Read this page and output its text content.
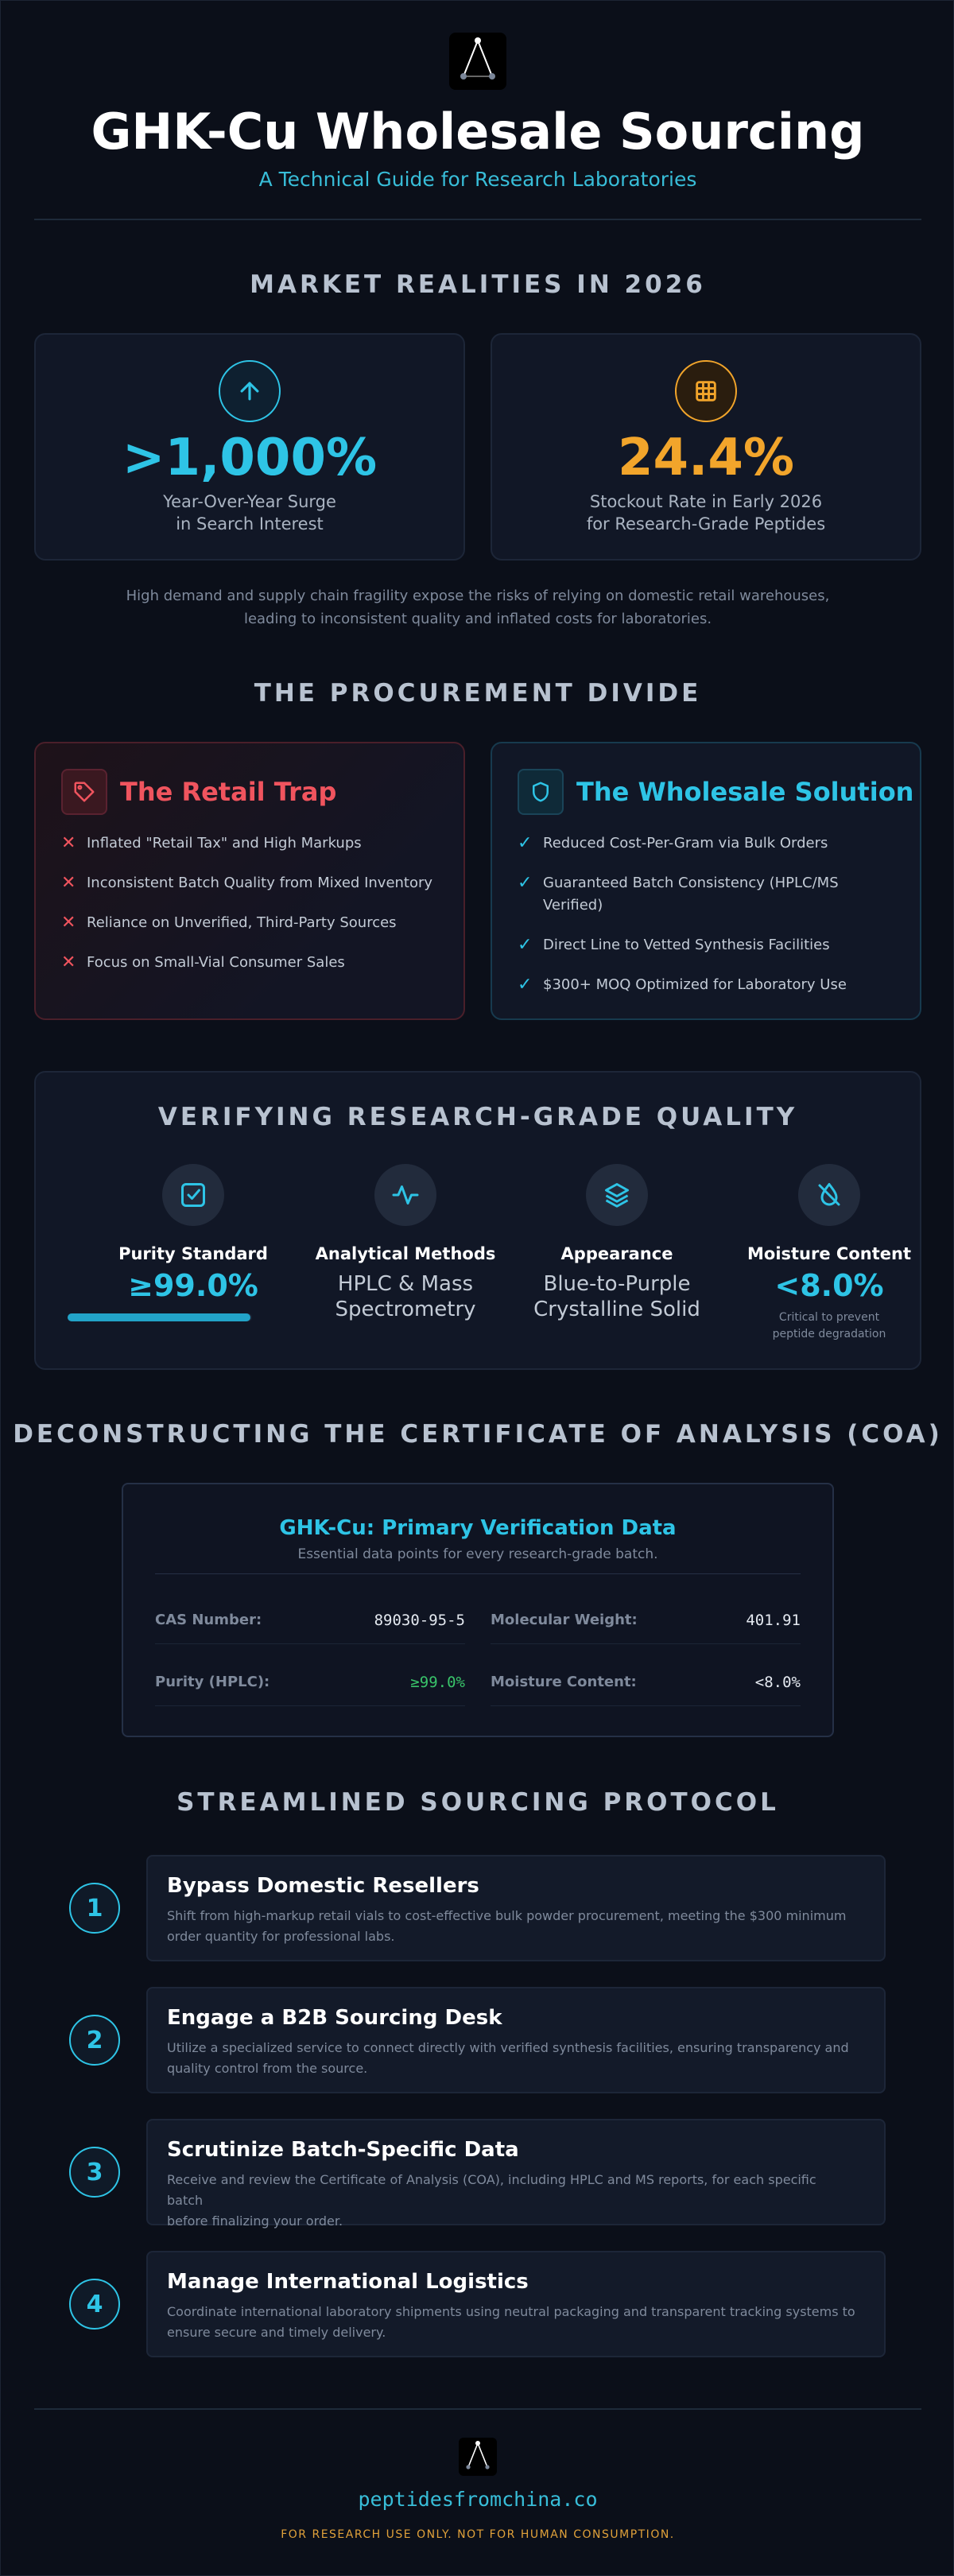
GHK-Cu Wholesale Sourcing
A Technical Guide for Research Laboratories
MARKET REALITIES IN 2026
>1,000%
Year-Over-Year Surge
in Search Interest
24.4%
Stockout Rate in Early 2026
for Research-Grade Peptides
High demand and supply chain fragility expose the risks of relying on domestic retail warehouses,
leading to inconsistent quality and inflated costs for laboratories.
THE PROCUREMENT DIVIDE
The Retail Trap
✕ Inflated "Retail Tax" and High Markups
✕ Inconsistent Batch Quality from Mixed Inventory
✕ Reliance on Unverified, Third-Party Sources
✕ Focus on Small-Vial Consumer Sales
The Wholesale Solution
✓ Reduced Cost-Per-Gram via Bulk Orders
✓ Guaranteed Batch Consistency (HPLC/MS
Verified)
✓ Direct Line to Vetted Synthesis Facilities
✓ $300+ MOQ Optimized for Laboratory Use
VERIFYING RESEARCH-GRADE QUALITY
Purity Standard
≥99.0%
Analytical Methods
HPLC & Mass
Spectrometry
Appearance
Blue-to-Purple
Crystalline Solid
Moisture Content
<8.0%
Critical to prevent
peptide degradation
DECONSTRUCTING THE CERTIFICATE OF ANALYSIS (COA)
GHK-Cu: Primary Verification Data
Essential data points for every research-grade batch.
CAS Number:	89030-95-5 Molecular Weight:	401.91
Purity (HPLC):	≥99.0% Moisture Content:	<8.0%
STREAMLINED SOURCING PROTOCOL
1
Bypass Domestic Resellers
Shift from high-markup retail vials to cost-effective bulk powder procurement, meeting the $300 minimum
order quantity for professional labs.
2
Engage a B2B Sourcing Desk
Utilize a specialized service to connect directly with verified synthesis facilities, ensuring transparency and
quality control from the source.
3
Scrutinize Batch-Specific Data
Receive and review the Certificate of Analysis (COA), including HPLC and MS reports, for each specific batch
before finalizing your order.
4
Manage International Logistics
Coordinate international laboratory shipments using neutral packaging and transparent tracking systems to
ensure secure and timely delivery.
peptidesfromchina.co
FOR RESEARCH USE ONLY. NOT FOR HUMAN CONSUMPTION.
